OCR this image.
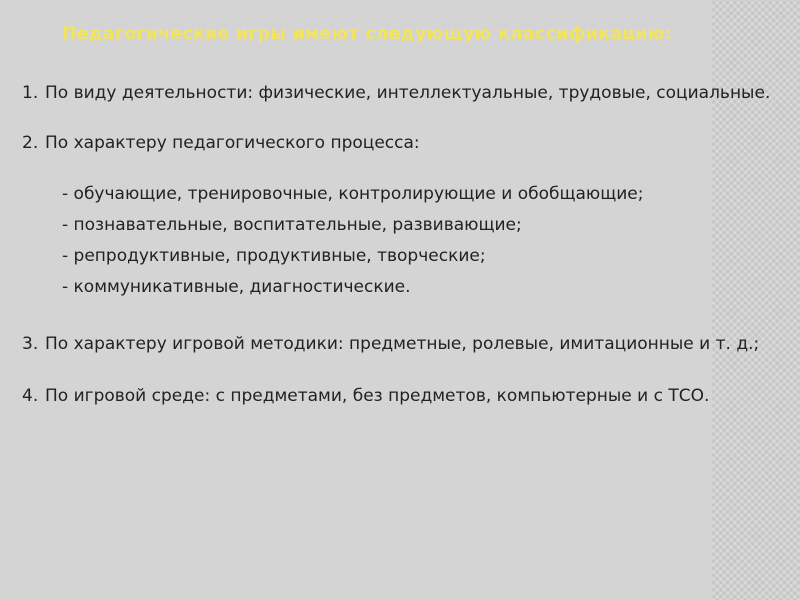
Педагогические игры имеют следующую классификацию:

1. По виду деятельности: физические, интеллектуальные, трудовые, социальные.

2. По характеру педагогического процесса:

- обучающие, тренировочные, контролирующие и обобщающие;
- познавательные, воспитательные, развивающие;
- репродуктивные, продуктивные, творческие;
- коммуникативные, диагностические.

3. По характеру игровой методики: предметные, ролевые, имитационные и т. д.;

4. По игровой среде: с предметами, без предметов, компьютерные и с ТСО.
